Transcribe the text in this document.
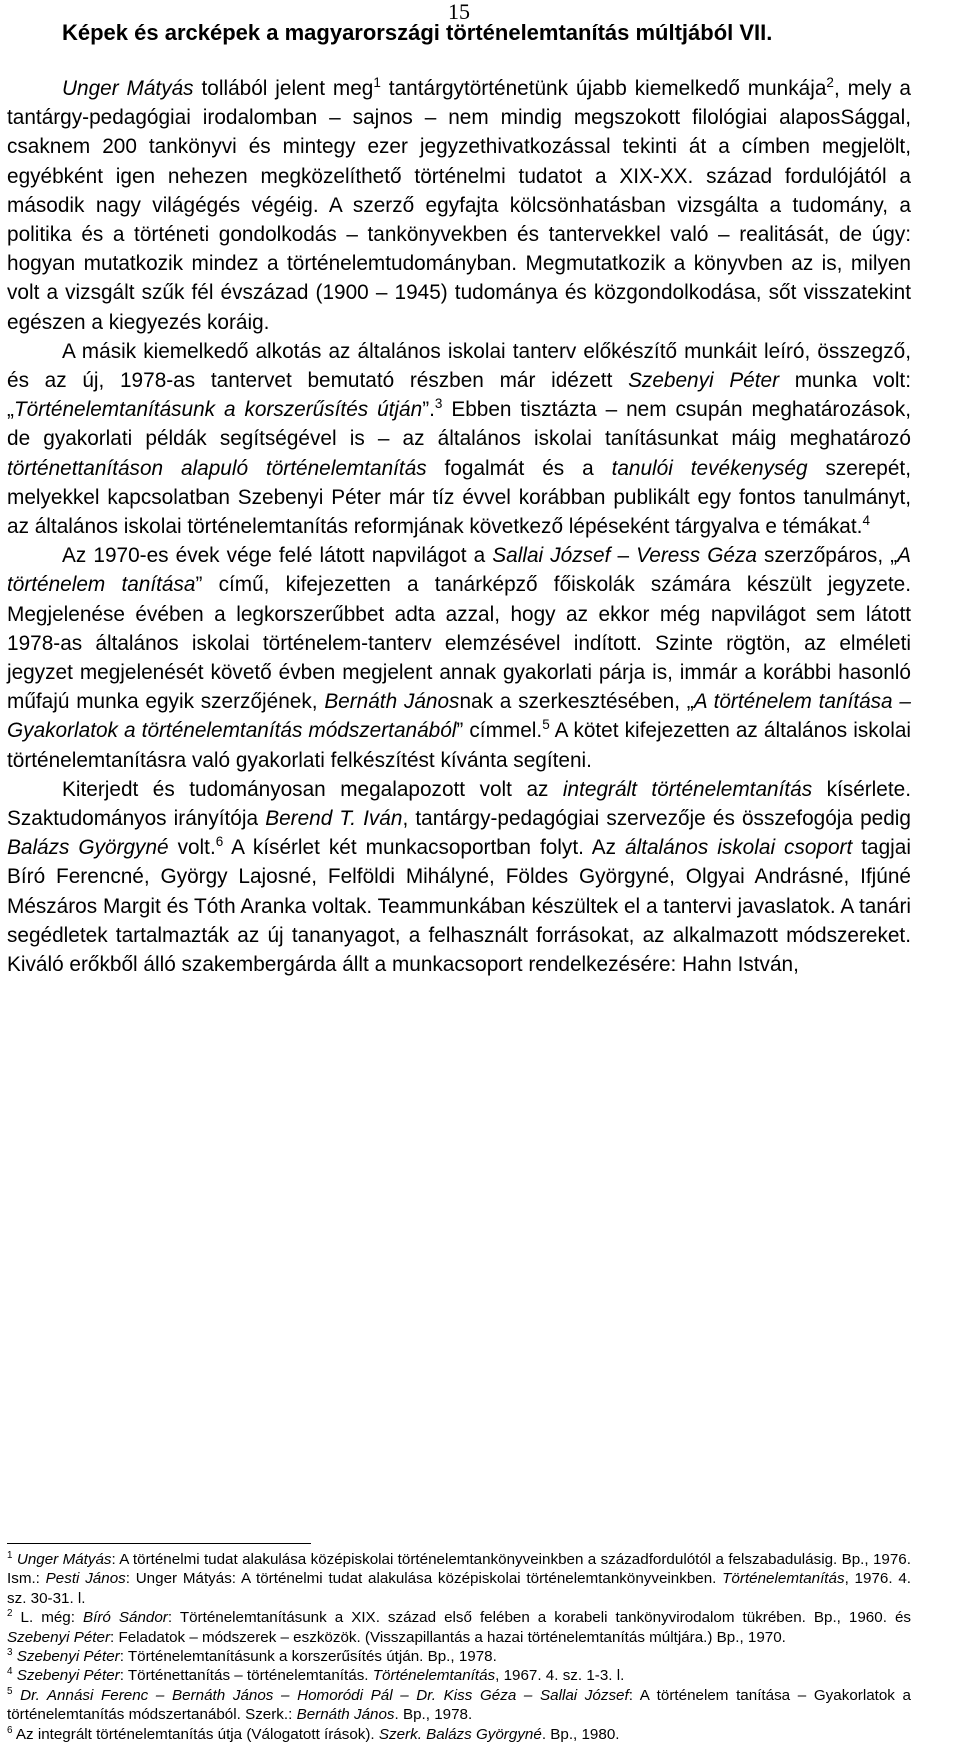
15
Képek és arcképek a magyarországi történelemtanítás múltjából VII.

Unger Mátyás tollából jelent meg$^1$ tantárgytörténetünk újabb kiemelkedő munkája$^2$, mely a tantárgy-pedagógiai irodalomban – sajnos – nem mindig megszokott filológiai alaposSággal, csaknem 200 tankönyvi és mintegy ezer jegyzethivatkozással tekinti át a címben megjelölt, egyébként igen nehezen megközelíthető történelmi tudatot a XIX-XX. század fordulójától a második nagy világégés végéig. A szerző egyfajta kölcsönhatásban vizsgálta a tudomány, a politika és a történeti gondolkodás – tankönyvekben és tantervekkel való – realitását, de úgy: hogyan mutatkozik mindez a történelemtudományban. Megmutatkozik a könyvben az is, milyen volt a vizsgált szűk fél évszázad (1900 – 1945) tudománya és közgondolkodása, sőt visszatekint egészen a kiegyezés koráig.

A másik kiemelkedő alkotás az általános iskolai tanterv előkészítő munkáit leíró, összegző, és az új, 1978-as tantervet bemutató részben már idézett Szebenyi Péter munka volt: „Történelemtanításunk a korszerűsítés útján”.$^3$ Ebben tisztázta – nem csupán meghatározások, de gyakorlati példák segítségével is – az általános iskolai tanításunkat máig meghatározó történettanításon alapuló történelemtanítás fogalmát és a tanulói tevékenység szerepét, melyekkel kapcsolatban Szebenyi Péter már tíz évvel korábban publikált egy fontos tanulmányt, az általános iskolai történelemtanítás reformjának következő lépéseként tárgyalva e témákat.$^4$

Az 1970-es évek vége felé látott napvilágot a Sallai József – Veress Géza szerzőpáros, „A történelem tanítása” című, kifejezetten a tanárképző főiskolák számára készült jegyzete. Megjelenése évében a legkorszerűbbet adta azzal, hogy az ekkor még napvilágot sem látott 1978-as általános iskolai történelem-tanterv elemzésével indított. Szinte rögtön, az elméleti jegyzet megjelenését követő évben megjelent annak gyakorlati párja is, immár a korábbi hasonló műfajú munka egyik szerzőjének, Bernáth Jánosnak a szerkesztésében, „A történelem tanítása – Gyakorlatok a történelemtanítás módszertanából” címmel.$^5$ A kötet kifejezetten az általános iskolai történelemtanításra való gyakorlati felkészítést kívánta segíteni.

Kiterjedt és tudományosan megalapozott volt az integrált történelemtanítás kísérlete. Szaktudományos irányítója Berend T. Iván, tantárgy-pedagógiai szervezője és összefogója pedig Balázs Györgyné volt.$^6$ A kísérlet két munkacsoportban folyt. Az általános iskolai csoport tagjai Bíró Ferencné, György Lajosné, Felföldi Mihályné, Földes Györgyné, Olgyai Andrásné, Ifjúné Mészáros Margit és Tóth Aranka voltak. Teammunkában készültek el a tantervi javaslatok. A tanári segédletek tartalmazták az új tananyagot, a felhasznált forrásokat, az alkalmazott módszereket. Kiváló erőkből álló szakembergárda állt a munkacsoport rendelkezésére: Hahn István,

$^1$ Unger Mátyás: A történelmi tudat alakulása középiskolai történelemtankönyveinkben a századfordulótól a felszabadulásig. Bp., 1976. Ism.: Pesti János: Unger Mátyás: A történelmi tudat alakulása középiskolai történelemtankönyveinkben. Történelemtanítás, 1976. 4. sz. 30-31. l.

$^2$ L. még: Bíró Sándor: Történelemtanításunk a XIX. század első felében a korabeli tankönyvirodalom tükrében. Bp., 1960. és Szebenyi Péter: Feladatok – módszerek – eszközök. (Visszapillantás a hazai történelemtanítás múltjára.) Bp., 1970.

$^3$ Szebenyi Péter: Történelemtanításunk a korszerűsítés útján. Bp., 1978.

$^4$ Szebenyi Péter: Történettanítás – történelemtanítás. Történelemtanítás, 1967. 4. sz. 1-3. l.

$^5$ Dr. Annási Ferenc – Bernáth János – Homoródi Pál – Dr. Kiss Géza – Sallai József: A történelem tanítása – Gyakorlatok a történelemtanítás módszertanából. Szerk.: Bernáth János. Bp., 1978.

$^6$ Az integrált történelemtanítás útja (Válogatott írások). Szerk. Balázs Györgyné. Bp., 1980.
